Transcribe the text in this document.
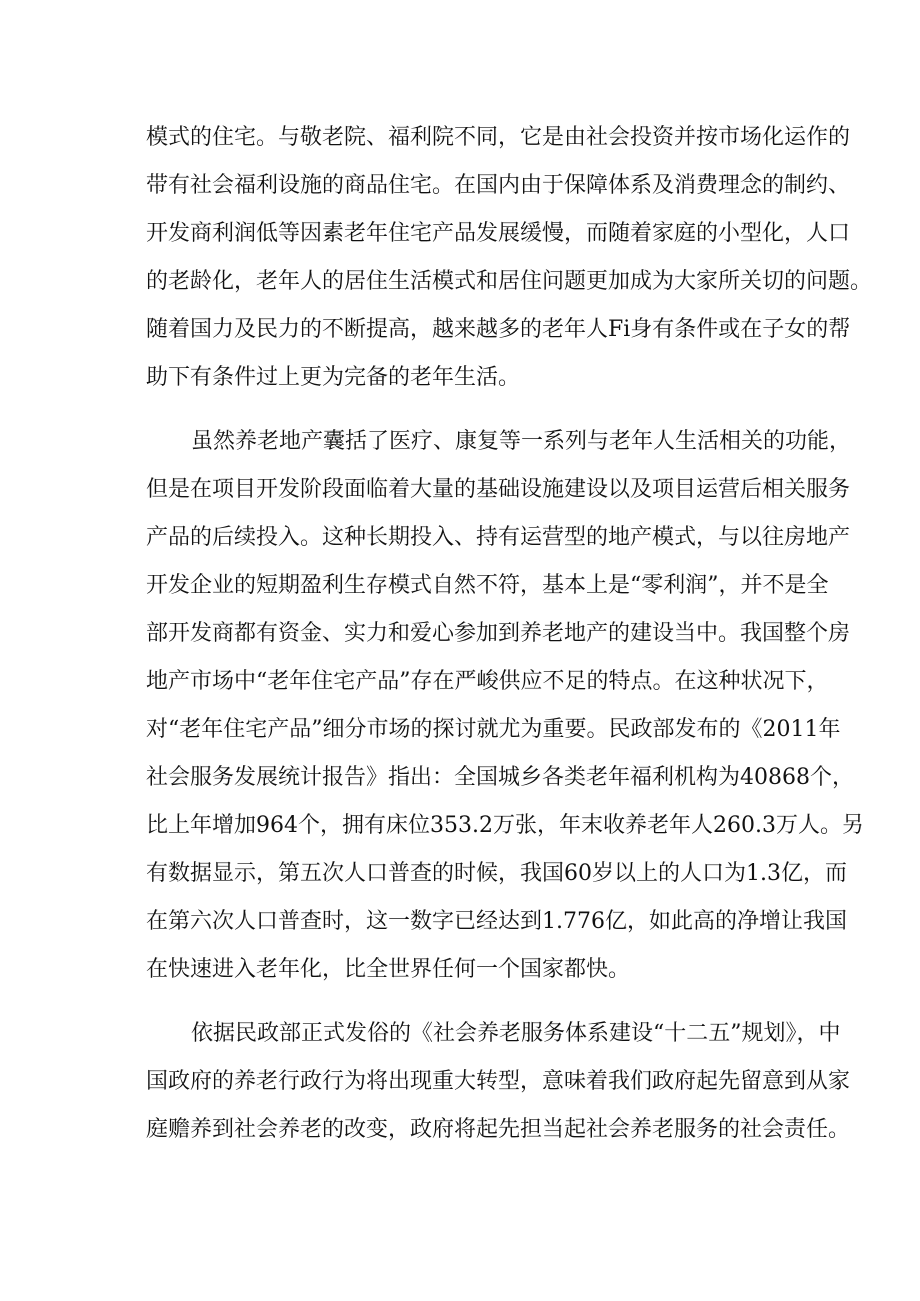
模式的住宅。与敬老院、福利院不同，它是由社会投资并按市场化运作的
带有社会福利设施的商品住宅。在国内由于保障体系及消费理念的制约、
开发商利润低等因素老年住宅产品发展缓慢，而随着家庭的小型化，人口
的老龄化，老年人的居住生活模式和居住问题更加成为大家所关切的问题。
随着国力及民力的不断提高，越来越多的老年人Fi身有条件或在子女的帮
助下有条件过上更为完备的老年生活。
虽然养老地产囊括了医疗、康复等一系列与老年人生活相关的功能，
但是在项目开发阶段面临着大量的基础设施建设以及项目运营后相关服务
产品的后续投入。这种长期投入、持有运营型的地产模式，与以往房地产
开发企业的短期盈利生存模式自然不符，基本上是“零利润”，并不是全
部开发商都有资金、实力和爱心参加到养老地产的建设当中。我国整个房
地产市场中“老年住宅产品”存在严峻供应不足的特点。在这种状况下，
对“老年住宅产品”细分市场的探讨就尤为重要。民政部发布的《2011年
社会服务发展统计报告》指出：全国城乡各类老年福利机构为40868个，
比上年增加964个，拥有床位353.2万张，年末收养老年人260.3万人。另
有数据显示，第五次人口普查的时候，我国60岁以上的人口为1.3亿，而
在第六次人口普查时，这一数字已经达到1.776亿，如此高的净增让我国
在快速进入老年化，比全世界任何一个国家都快。
依据民政部正式发俗的《社会养老服务体系建设“十二五”规划》，中
国政府的养老行政行为将出现重大转型，意味着我们政府起先留意到从家
庭赡养到社会养老的改变，政府将起先担当起社会养老服务的社会责任。
